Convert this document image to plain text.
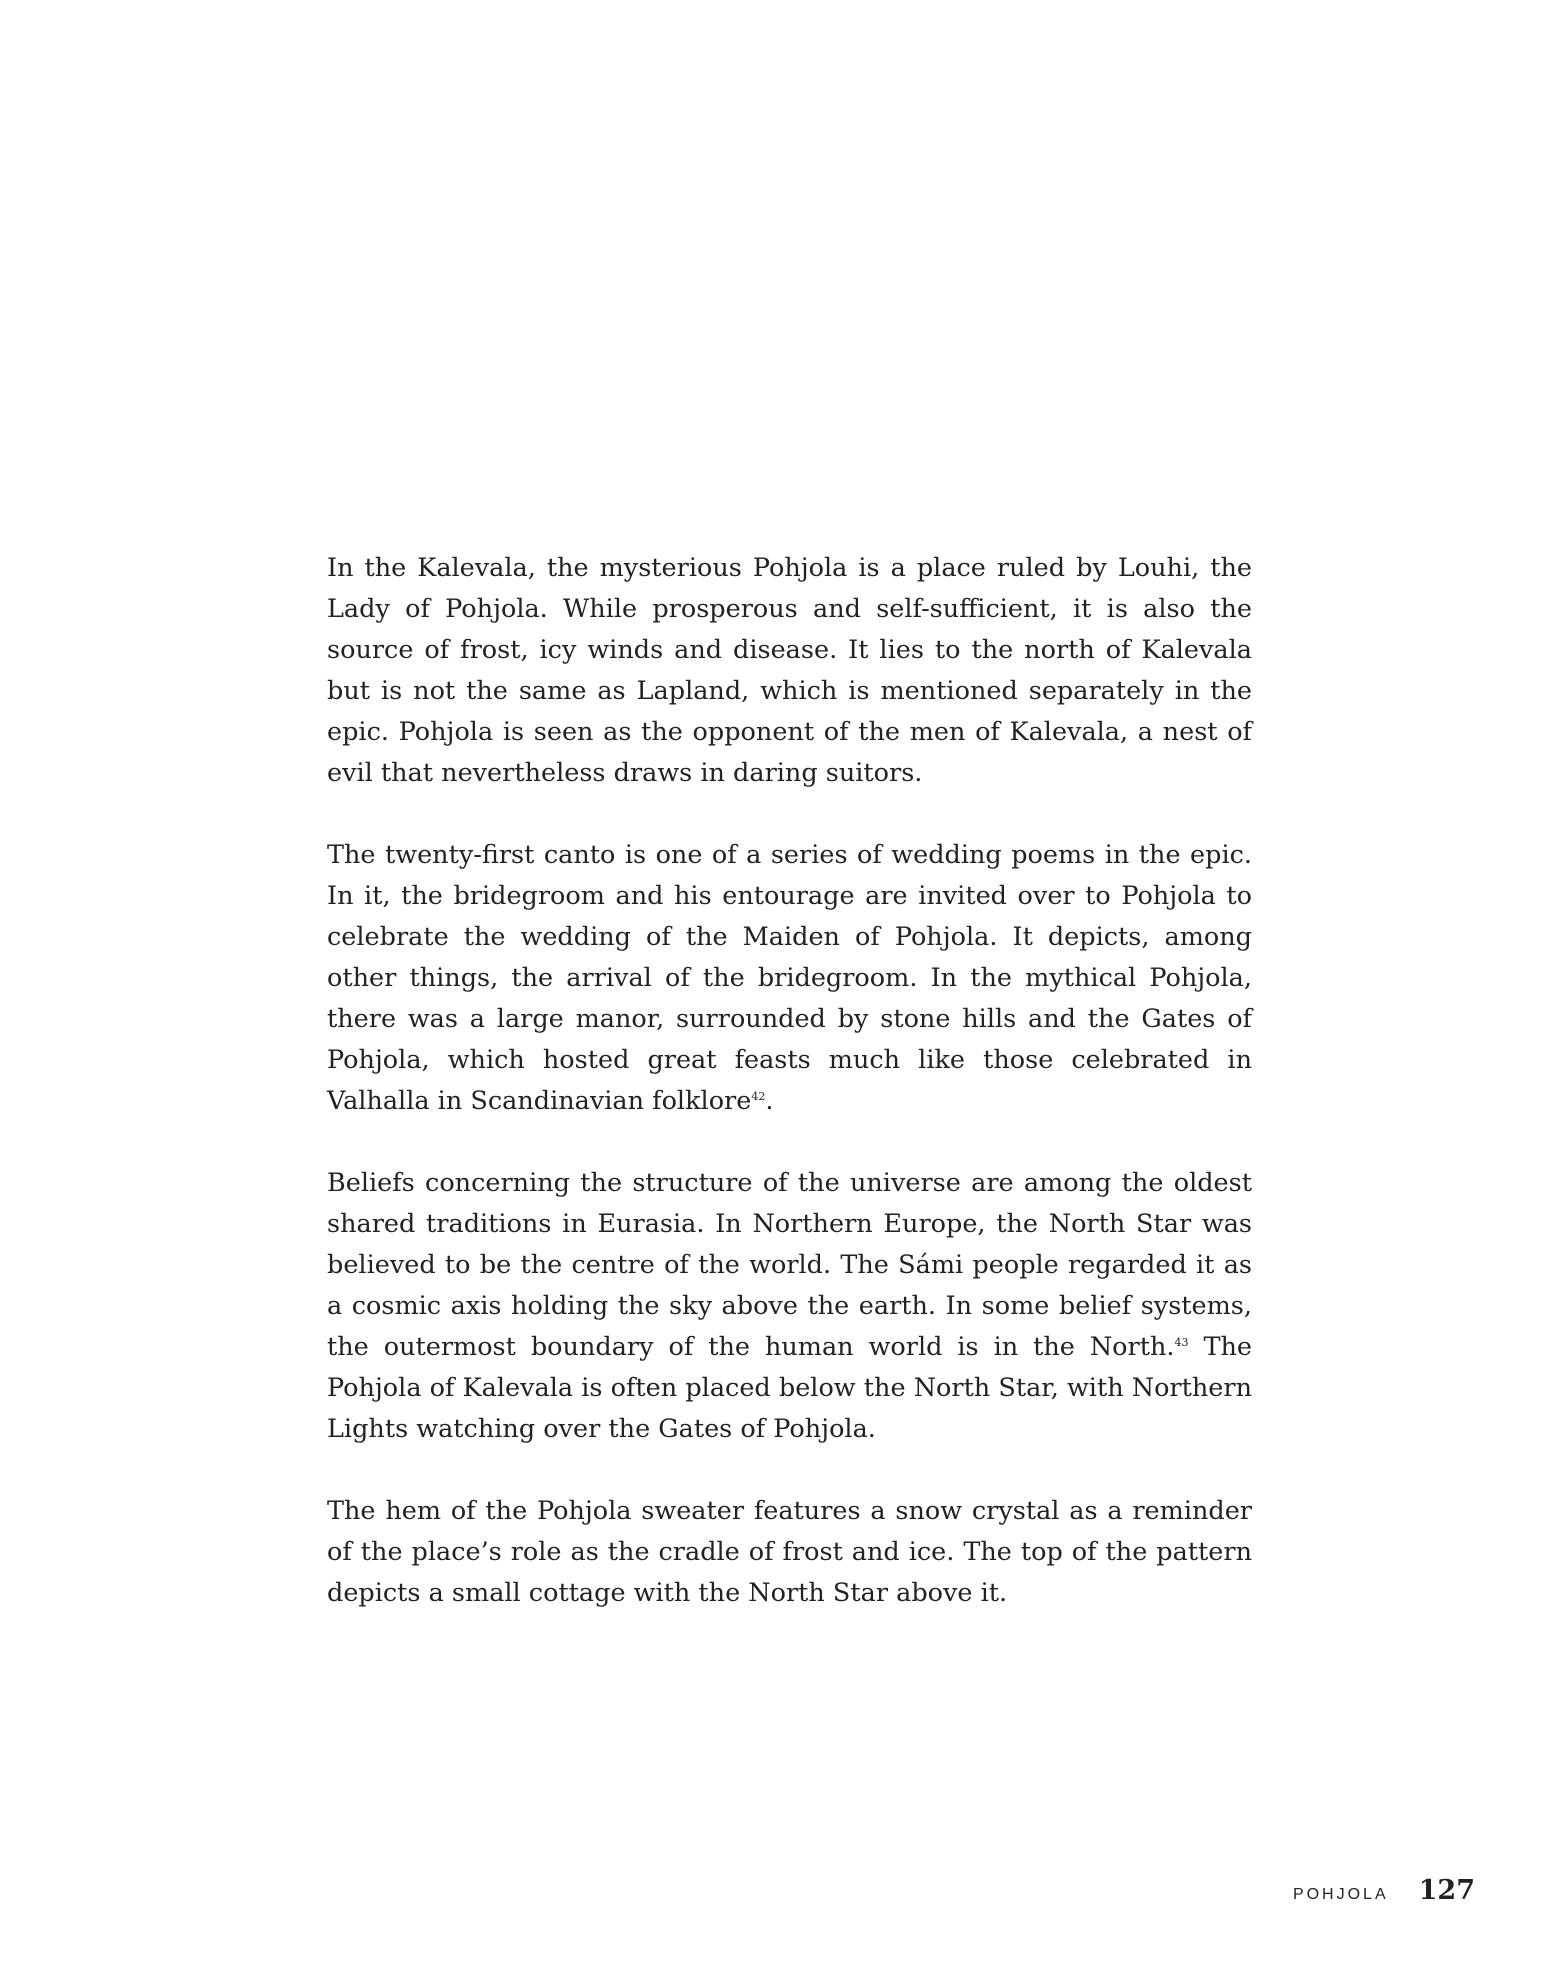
In the Kalevala, the mysterious Pohjola is a place ruled by Louhi, the Lady of Pohjola. While prosperous and self-sufficient, it is also the source of frost, icy winds and disease. It lies to the north of Kalevala but is not the same as Lapland, which is mentioned separately in the epic. Pohjola is seen as the opponent of the men of Kalevala, a nest of evil that nevertheless draws in daring suitors.

The twenty-first canto is one of a series of wedding poems in the epic. In it, the bridegroom and his entourage are invited over to Pohjola to celebrate the wedding of the Maiden of Pohjola. It depicts, among other things, the arrival of the bridegroom. In the mythical Pohjola, there was a large manor, surrounded by stone hills and the Gates of Pohjola, which hosted great feasts much like those celebrated in Valhalla in Scandinavian folklore$^{42}$.

Beliefs concerning the structure of the universe are among the oldest shared traditions in Eurasia. In Northern Europe, the North Star was believed to be the centre of the world. The Sámi people regarded it as a cosmic axis holding the sky above the earth. In some belief systems, the outermost boundary of the human world is in the North.$^{43}$ The Pohjola of Kalevala is often placed below the North Star, with Northern Lights watching over the Gates of Pohjola.

The hem of the Pohjola sweater features a snow crystal as a reminder of the place’s role as the cradle of frost and ice. The top of the pattern depicts a small cottage with the North Star above it.

POHJOLA 127
